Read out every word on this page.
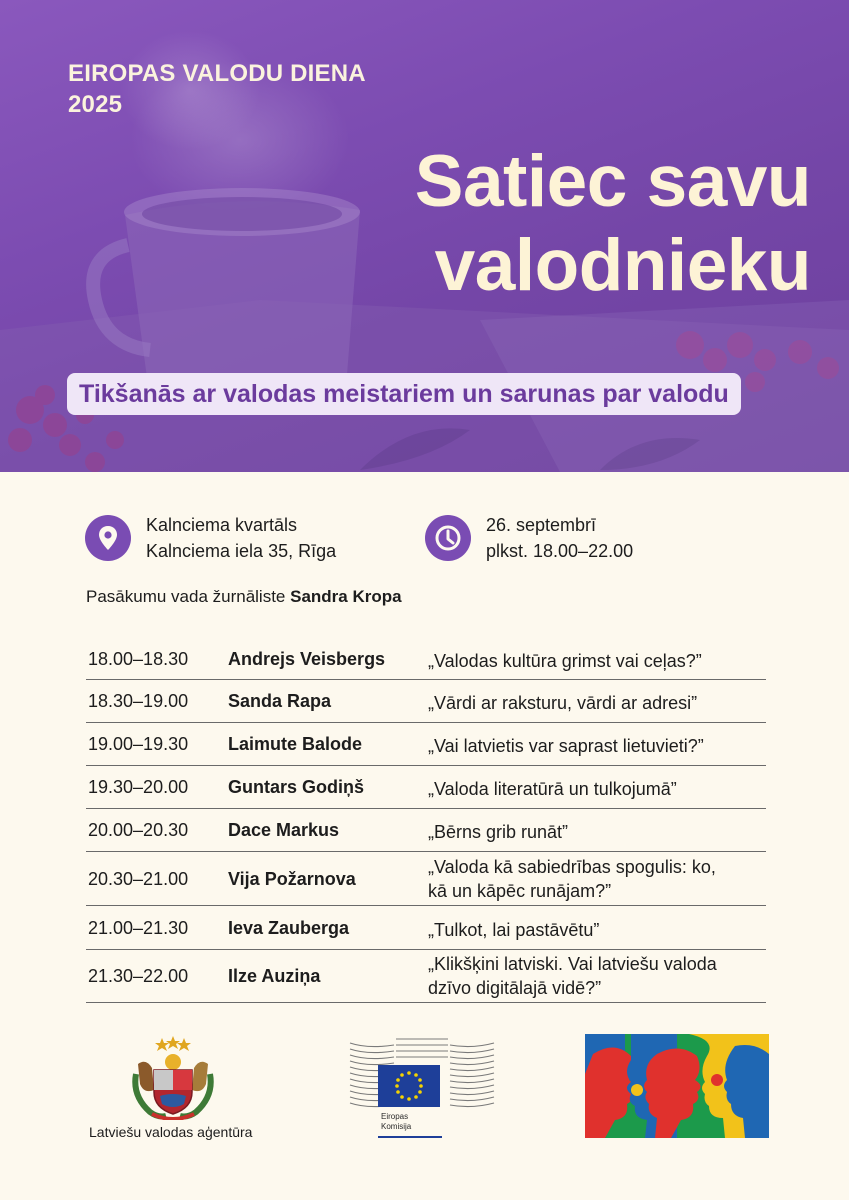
EIROPAS VALODU DIENA
2025
Satiec savu
valodnieku
Tikšanās ar valodas meistariem un sarunas par valodu
Kalnciema kvartāls
Kalnciema iela 35, Rīga
26. septembrī
plkst. 18.00–22.00
Pasākumu vada žurnāliste Sandra Kropa
18.00–18.30 Andrejs Veisbergs „Valodas kultūra grimst vai ceļas?”
18.30–19.00 Sanda Rapa	„Vārdi ar raksturu, vārdi ar adresi”
19.00–19.30 Laimute Balode	„Vai latvietis var saprast lietuvieti?”
19.30–20.00 Guntars Godiņš	„Valoda literatūrā un tulkojumā”
20.00–20.30 Dace Markus	„Bērns grib runāt”
20.30–21.00 Vija Požarnova
„Valoda kā sabiedrības spogulis: ko,
kā un kāpēc runājam?”
21.00–21.30 Ieva Zauberga	„Tulkot, lai pastāvētu”
21.30–22.00 Ilze Auziņa
„Klikšķini latviski. Vai latviešu valoda
dzīvo digitālajā vidē?”
Latviešu valodas aģentūra
Eiropas
Komisija
